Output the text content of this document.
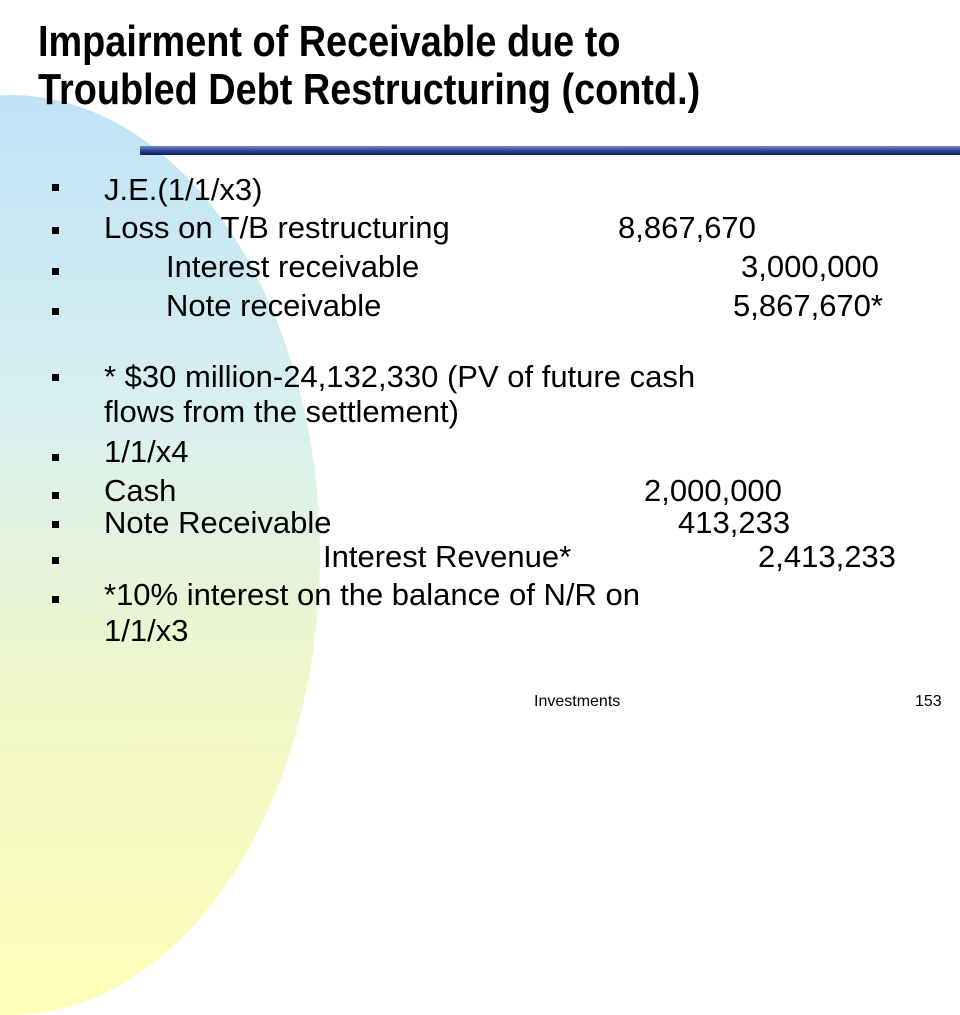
Impairment of Receivable due to
Troubled Debt Restructuring (contd.)
J.E.(1/1/x3)
Loss on T/B restructuring	8,867,670
Interest receivable	3,000,000
Note receivable	5,867,670*
* $30 million-24,132,330 (PV of future cash
flows from the settlement)
1/1/x4
Cash	2,000,000
Note Receivable	413,233
Interest Revenue*	2,413,233
*10% interest on the balance of N/R on
1/1/x3
Investments	153
